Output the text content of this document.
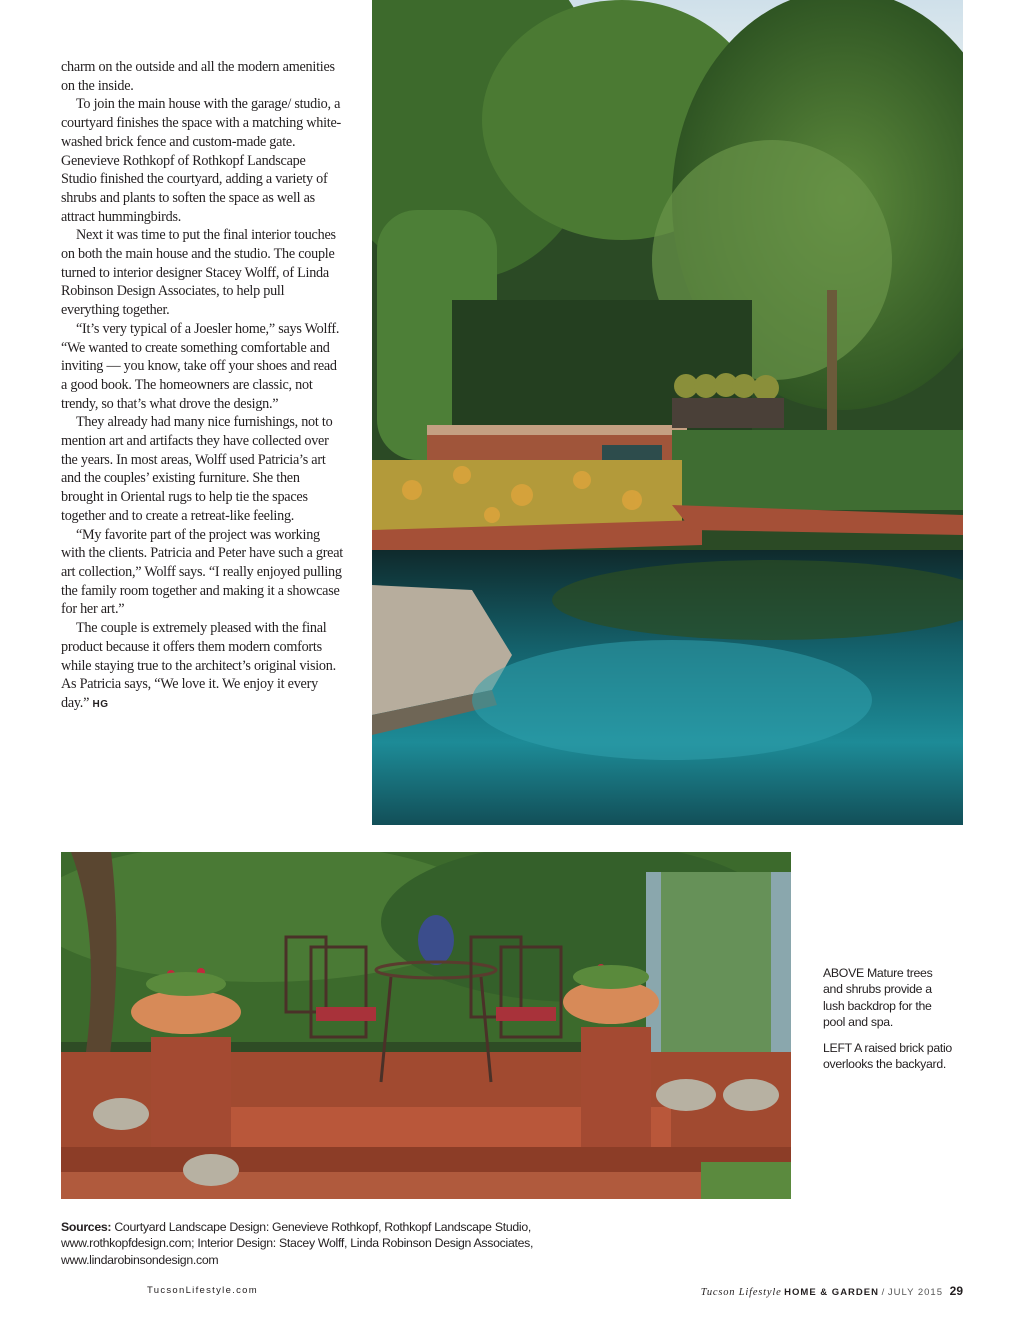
charm on the outside and all the modern amenities on the inside.

To join the main house with the garage/ studio, a courtyard finishes the space with a matching white-washed brick fence and custom-made gate. Genevieve Rothkopf of Rothkopf Landscape Studio finished the courtyard, adding a variety of shrubs and plants to soften the space as well as attract hummingbirds.

Next it was time to put the final interior touches on both the main house and the studio. The couple turned to interior designer Stacey Wolff, of Linda Robinson Design Associates, to help pull everything together.

“It’s very typical of a Joesler home,” says Wolff. “We wanted to create something comfortable and inviting — you know, take off your shoes and read a good book. The homeowners are classic, not trendy, so that’s what drove the design.”

They already had many nice furnishings, not to mention art and artifacts they have collected over the years. In most areas, Wolff used Patricia’s art and the couples’ existing furniture. She then brought in Oriental rugs to help tie the spaces together and to create a retreat-like feeling.

“My favorite part of the project was working with the clients. Patricia and Peter have such a great art collection,” Wolff says. “I really enjoyed pulling the family room together and making it a showcase for her art.”

The couple is extremely pleased with the final product because it offers them modern comforts while staying true to the architect’s original vision. As Patricia says, “We love it. We enjoy it every day.” HG

ABOVE Mature trees and shrubs provide a lush backdrop for the pool and spa.

LEFT A raised brick patio overlooks the backyard.

Sources: Courtyard Landscape Design: Genevieve Rothkopf, Rothkopf Landscape Studio, www.rothkopfdesign.com; Interior Design: Stacey Wolff, Linda Robinson Design Associates, www.lindarobinsondesign.com
TucsonLifestyle.com	Tucson Lifestyle HOME & GARDEN / JULY 2015 29
